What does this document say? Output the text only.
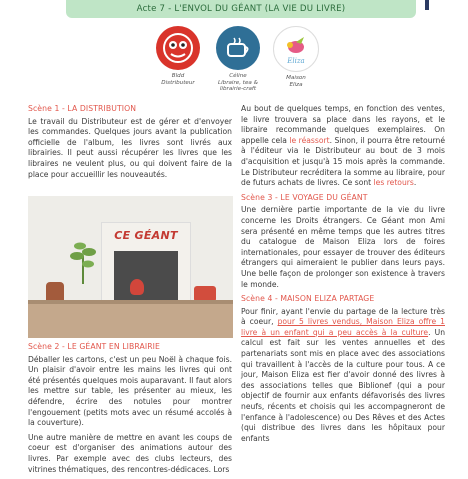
Acte 7 - L'ENVOL DU GÉANT (LA VIE DU LIVRE)
Bldd
Distributeur
Céline
Libraire, tea & librairie-craft
Eliza
Maison
Eliza

Scène 1 - LA DISTRIBUTION

Le travail du Distributeur est de gérer et d'envoyer les commandes. Quelques jours avant la publication officielle de l'album, les livres sont livrés aux librairies. Il peut aussi récupérer les livres que les libraires ne veulent plus, ou qui doivent faire de la place pour accueillir les nouveautés.

CE GÉANT

Scène 2 - LE GÉANT EN LIBRAIRIE

Déballer les cartons, c'est un peu Noël à chaque fois. Un plaisir d'avoir entre les mains les livres qui ont été présentés quelques mois auparavant. Il faut alors les mettre sur table, les présenter au mieux, les défendre, écrire des notules pour montrer l'engouement (petits mots avec un résumé accolés à la couverture).

Une autre manière de mettre en avant les coups de coeur est d'organiser des animations autour des livres. Par exemple avec des clubs lecteurs, des vitrines thématiques, des rencontres-dédicaces. Lors

Au bout de quelques temps, en fonction des ventes, le livre trouvera sa place dans les rayons, et le libraire recommande quelques exemplaires. On appelle cela le réassort. Sinon, il pourra être retourné à l'éditeur via le Distributeur au bout de 3 mois d'acquisition et jusqu'à 15 mois après la commande. Le Distributeur recréditera la somme au libraire, pour de futurs achats de livres. Ce sont les retours.

Scène 3 - LE VOYAGE DU GÉANT

Une dernière partie importante de la vie du livre concerne les Droits étrangers. Ce Géant mon Ami sera présenté en même temps que les autres titres du catalogue de Maison Eliza lors de foires internationales, pour essayer de trouver des éditeurs étrangers qui aimeraient le publier dans leurs pays. Une belle façon de prolonger son existence à travers le monde.

Scène 4 - MAISON ELIZA PARTAGE

Pour finir, ayant l'envie du partage de la lecture très à coeur, pour 5 livres vendus, Maison Eliza offre 1 livre à un enfant qui a peu accès à la culture. Un calcul est fait sur les ventes annuelles et des partenariats sont mis en place avec des associations qui travaillent à l'accès de la culture pour tous. A ce jour, Maison Eliza est fier d'avoir donné des livres à des associations telles que Biblionef (qui a pour objectif de fournir aux enfants défavorisés des livres neufs, récents et choisis qui les accompagneront de l'enfance à l'adolescence) ou Des Rêves et des Actes (qui distribue des livres dans les hôpitaux pour enfants
